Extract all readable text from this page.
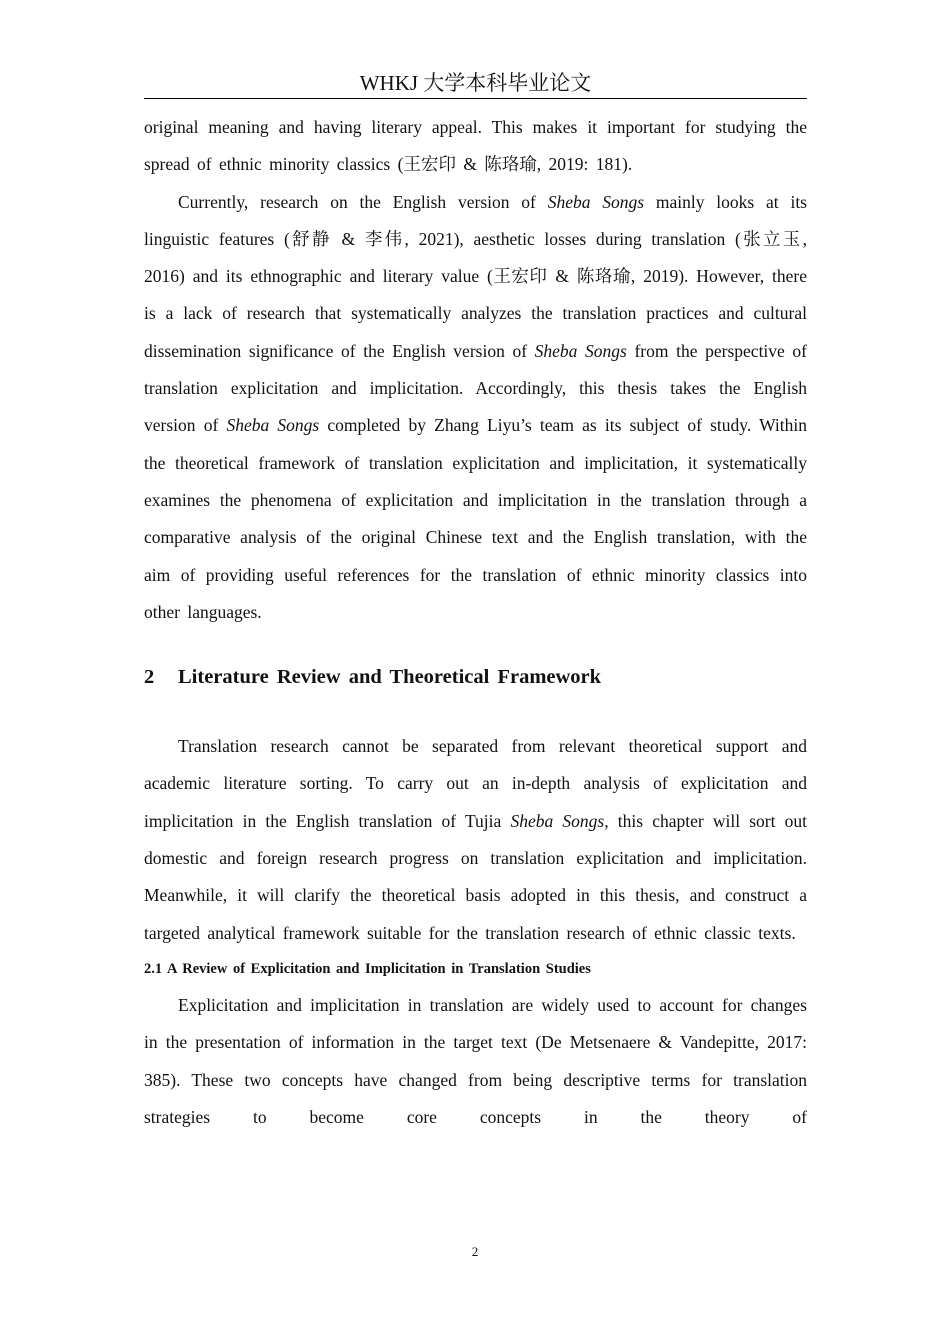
WHKJ 大学本科毕业论文

original meaning and having literary appeal. This makes it important for studying the spread of ethnic minority classics (王宏印 & 陈珞瑜, 2019: 181).

Currently, research on the English version of Sheba Songs mainly looks at its linguistic features (舒静 & 李伟, 2021), aesthetic losses during translation (张立玉, 2016) and its ethnographic and literary value (王宏印 & 陈珞瑜, 2019). However, there is a lack of research that systematically analyzes the translation practices and cultural dissemination significance of the English version of Sheba Songs from the perspective of translation explicitation and implicitation. Accordingly, this thesis takes the English version of Sheba Songs completed by Zhang Liyu’s team as its subject of study. Within the theoretical framework of translation explicitation and implicitation, it systematically examines the phenomena of explicitation and implicitation in the translation through a comparative analysis of the original Chinese text and the English translation, with the aim of providing useful references for the translation of ethnic minority classics into other languages.

2 Literature Review and Theoretical Framework

Translation research cannot be separated from relevant theoretical support and academic literature sorting. To carry out an in-depth analysis of explicitation and implicitation in the English translation of Tujia Sheba Songs, this chapter will sort out domestic and foreign research progress on translation explicitation and implicitation. Meanwhile, it will clarify the theoretical basis adopted in this thesis, and construct a targeted analytical framework suitable for the translation research of ethnic classic texts.

2.1 A Review of Explicitation and Implicitation in Translation Studies

Explicitation and implicitation in translation are widely used to account for changes in the presentation of information in the target text (De Metsenaere & Vandepitte, 2017: 385). These two concepts have changed from being descriptive terms for translation strategies to become core concepts in the theory of

2
